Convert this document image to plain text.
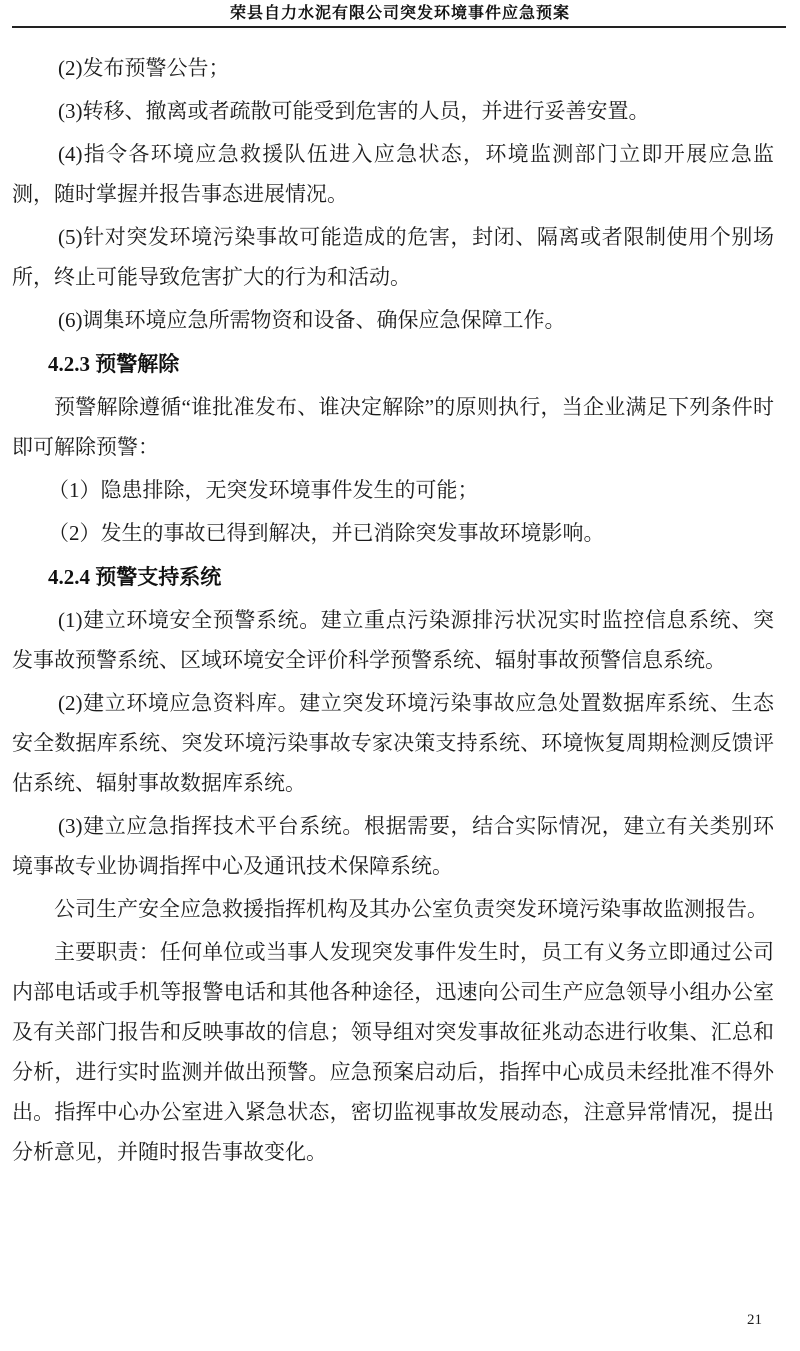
荣县自力水泥有限公司突发环境事件应急预案

(2)发布预警公告；

(3)转移、撤离或者疏散可能受到危害的人员，并进行妥善安置。

(4)指令各环境应急救援队伍进入应急状态，环境监测部门立即开展应急监测，随时掌握并报告事态进展情况。

(5)针对突发环境污染事故可能造成的危害，封闭、隔离或者限制使用个别场所，终止可能导致危害扩大的行为和活动。

(6)调集环境应急所需物资和设备、确保应急保障工作。

4.2.3 预警解除

预警解除遵循“谁批准发布、谁决定解除”的原则执行，当企业满足下列条件时即可解除预警：

（1）隐患排除，无突发环境事件发生的可能；

（2）发生的事故已得到解决，并已消除突发事故环境影响。

4.2.4 预警支持系统

(1)建立环境安全预警系统。建立重点污染源排污状况实时监控信息系统、突发事故预警系统、区域环境安全评价科学预警系统、辐射事故预警信息系统。

(2)建立环境应急资料库。建立突发环境污染事故应急处置数据库系统、生态安全数据库系统、突发环境污染事故专家决策支持系统、环境恢复周期检测反馈评估系统、辐射事故数据库系统。

(3)建立应急指挥技术平台系统。根据需要，结合实际情况，建立有关类别环境事故专业协调指挥中心及通讯技术保障系统。

公司生产安全应急救援指挥机构及其办公室负责突发环境污染事故监测报告。

主要职责：任何单位或当事人发现突发事件发生时，员工有义务立即通过公司内部电话或手机等报警电话和其他各种途径，迅速向公司生产应急领导小组办公室及有关部门报告和反映事故的信息；领导组对突发事故征兆动态进行收集、汇总和分析，进行实时监测并做出预警。应急预案启动后，指挥中心成员未经批准不得外出。指挥中心办公室进入紧急状态，密切监视事故发展动态，注意异常情况，提出分析意见，并随时报告事故变化。

21
